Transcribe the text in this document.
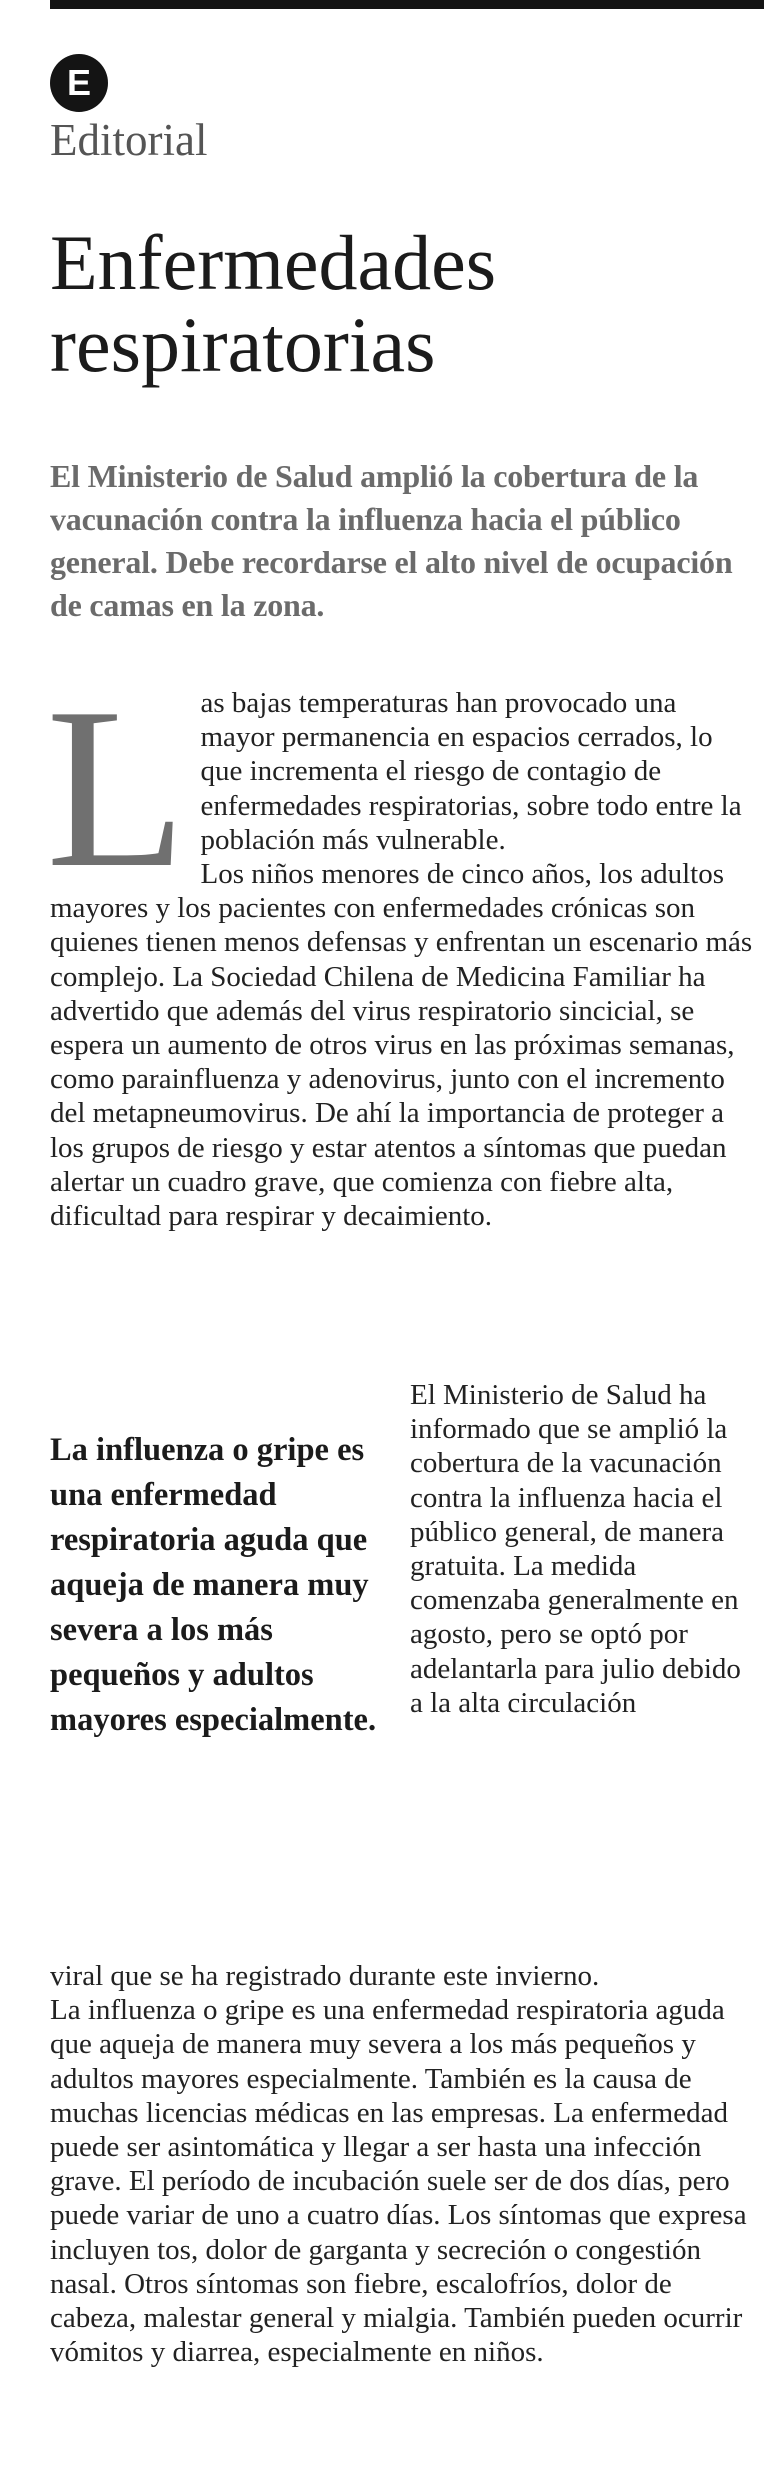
E
Editorial
Enfermedades respiratorias
El Ministerio de Salud amplió la cobertura de la vacunación contra la influenza hacia el público general. Debe recordarse el alto nivel de ocupación de camas en la zona.
L as bajas temperaturas han provocado una mayor permanencia en espacios cerrados, lo que incrementa el riesgo de contagio de enfermedades respiratorias, sobre todo entre la población más vulnerable.

Los niños menores de cinco años, los adultos mayores y los pacientes con enfermedades crónicas son quienes tienen menos defensas y enfrentan un escenario más complejo. La Sociedad Chilena de Medicina Familiar ha advertido que además del virus respiratorio sincicial, se espera un aumento de otros virus en las próximas semanas, como parainfluenza y adenovirus, junto con el incremento del metapneumovirus. De ahí la importancia de proteger a los grupos de riesgo y estar atentos a síntomas que puedan alertar un cuadro grave, que comienza con fiebre alta, dificultad para respirar y decaimiento.

La influenza o gripe es una enfermedad respiratoria aguda que aqueja de manera muy severa a los más pequeños y adultos mayores especialmente.

El Ministerio de Salud ha informado que se amplió la cobertura de la vacunación contra la influenza hacia el público general, de manera gratuita. La medida comenzaba generalmente en agosto, pero se optó por adelantarla para julio debido a la alta circulación

viral que se ha registrado durante este invierno.

La influenza o gripe es una enfermedad respiratoria aguda que aqueja de manera muy severa a los más pequeños y adultos mayores especialmente. También es la causa de muchas licencias médicas en las empresas. La enfermedad puede ser asintomática y llegar a ser hasta una infección grave. El período de incubación suele ser de dos días, pero puede variar de uno a cuatro días. Los síntomas que expresa incluyen tos, dolor de garganta y secreción o congestión nasal. Otros síntomas son fiebre, escalofríos, dolor de cabeza, malestar general y mialgia. También pueden ocurrir vómitos y diarrea, especialmente en niños.
